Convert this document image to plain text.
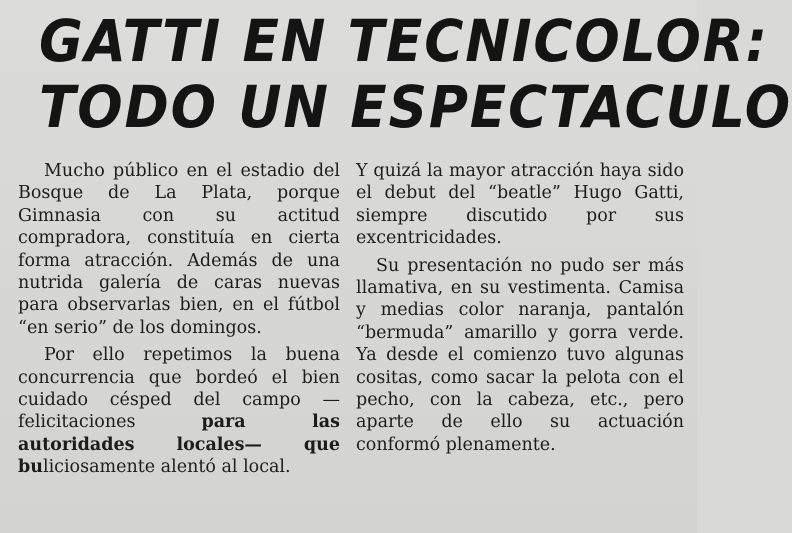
GATTI EN TECNICOLOR:
TODO UN ESPECTACULO

Mucho público en el estadio del Bosque de La Plata, porque Gimnasia con su actitud compradora, constituía en cierta forma atracción. Además de una nutrida galería de caras nuevas para observarlas bien, en el fútbol “en serio” de los domingos.

Por ello repetimos la buena concurrencia que bordeó el bien cuidado césped del campo —felicitaciones para las autoridades locales— que buliciosamente alentó al local.

Y quizá la mayor atracción haya sido el debut del “beatle” Hugo Gatti, siempre discutido por sus excentricidades.

Su presentación no pudo ser más llamativa, en su vestimenta. Camisa y medias color naranja, pantalón “bermuda” amarillo y gorra verde. Ya desde el comienzo tuvo algunas cositas, como sacar la pelota con el pecho, con la cabeza, etc., pero aparte de ello su actuación conformó plenamente.
